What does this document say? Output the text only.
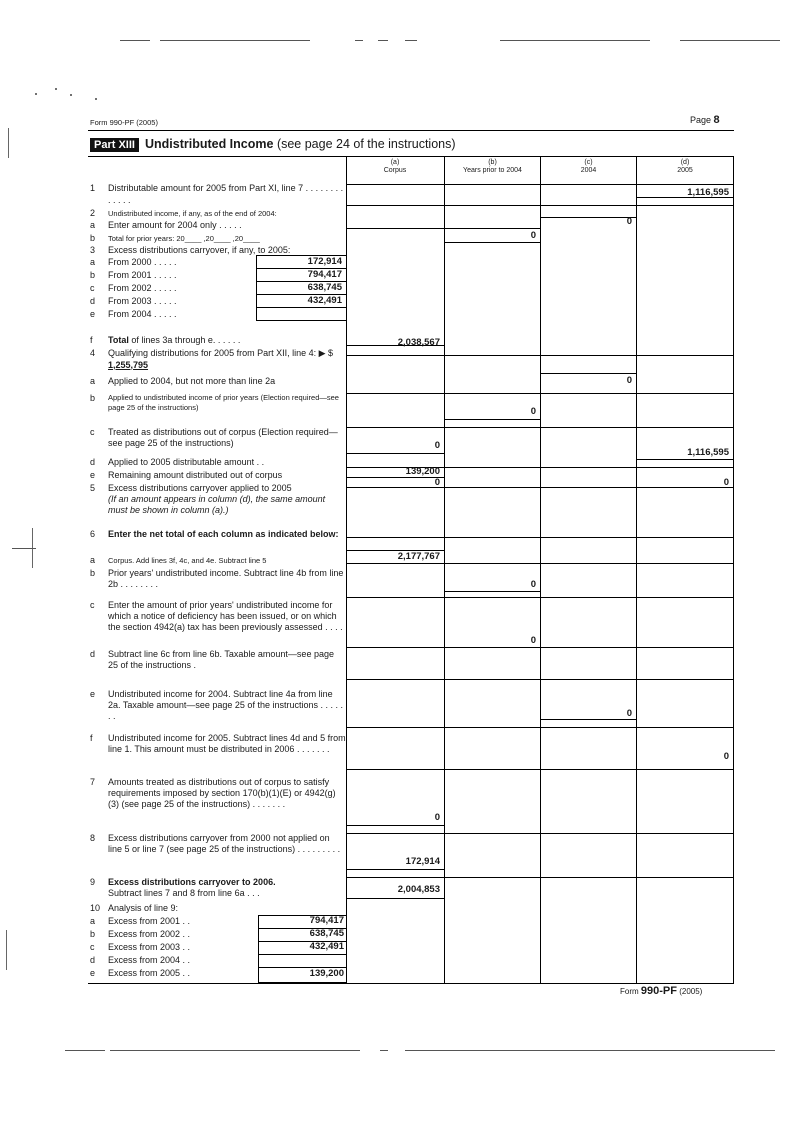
Form 990-PF (2005)	Page 8
Part XIII Undistributed Income (see page 24 of the instructions)
(a)
Corpus
(b)
Years prior to 2004
(c)
2004
(d)
2005
1 Distributable amount for 2005 from Part XI, line 7 . . . . . . . . . . . . .
2 Undistributed income, if any, as of the end of 2004:
a Enter amount for 2004 only . . . . .
b Total for prior years: 20____ ,20____ ,20____
3 Excess distributions carryover, if any, to 2005:
a From 2000 . . . . .
b From 2001 . . . . .
c From 2002 . . . . .
d From 2003 . . . . .
e From 2004 . . . . .
f Total of lines 3a through e. . . . . .
4 Qualifying distributions for 2005 from Part XII, line 4: ▶ $ 1,255,795
a Applied to 2004, but not more than line 2a
b Applied to undistributed income of prior years (Election required—see page 25 of the instructions)
c Treated as distributions out of corpus (Election required—see page 25 of the instructions)
d Applied to 2005 distributable amount . .
e Remaining amount distributed out of corpus
5 Excess distributions carryover applied to 2005
(If an amount appears in column (d), the same amount must be shown in column (a).)
6 Enter the net total of each column as indicated below:
a Corpus. Add lines 3f, 4c, and 4e. Subtract line 5
b Prior years' undistributed income. Subtract line 4b from line 2b . . . . . . . .
c Enter the amount of prior years' undistributed income for which a notice of deficiency has been issued, or on which the section 4942(a) tax has been previously assessed . . . .
d Subtract line 6c from line 6b. Taxable amount—see page 25 of the instructions .
e Undistributed income for 2004. Subtract line 4a from line 2a. Taxable amount—see page 25 of the instructions . . . . . . .
f Undistributed income for 2005. Subtract lines 4d and 5 from line 1. This amount must be distributed in 2006 . . . . . . .
7 Amounts treated as distributions out of corpus to satisfy requirements imposed by section 170(b)(1)(E) or 4942(g)(3) (see page 25 of the instructions) . . . . . . .
8 Excess distributions carryover from 2000 not applied on line 5 or line 7 (see page 25 of the instructions) . . . . . . . . .
9 Excess distributions carryover to 2006.
Subtract lines 7 and 8 from line 6a . . .
10 Analysis of line 9:
a Excess from 2001 . .
b Excess from 2002 . .
c Excess from 2003 . .
d Excess from 2004 . .
e Excess from 2005 . .
172,914
794,417
638,745
432,491
794,417
638,745
432,491
139,200
1,116,595
0
0
2,038,567
0
0
0
1,116,595
139,200
0	0
2,177,767
0
0
0
0
0
172,914
2,004,853
Form 990-PF (2005)
